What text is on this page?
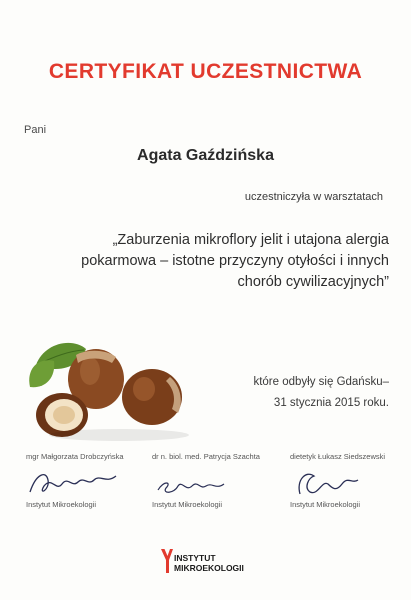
CERTYFIKAT UCZESTNICTWA
Pani
Agata Gaździńska
uczestniczyła w warsztatach
„Zaburzenia mikroflory jelit i utajona alergia
pokarmowa – istotne przyczyny otyłości i innych
chorób cywilizacyjnych”
które odbyły się Gdańsku–
31 stycznia 2015 roku.
mgr Małgorzata Drobczyńska
Instytut Mikroekologii
dr n. biol. med. Patrycja Szachta
Instytut Mikroekologii
dietetyk Łukasz Siedszewski
Instytut Mikroekologii
INSTYTUT
MIKROEKOLOGII
